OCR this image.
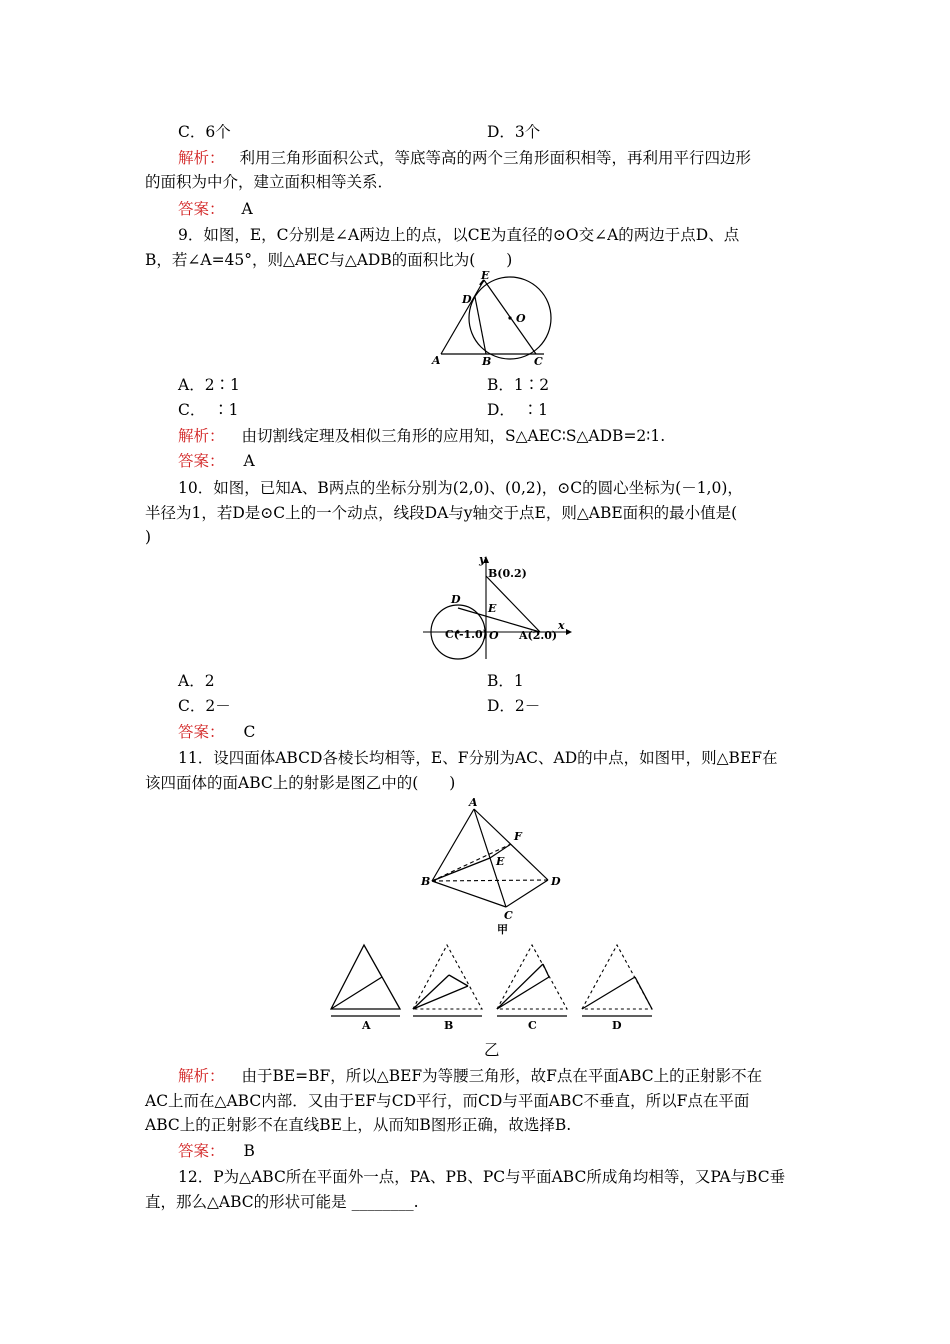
C．6个	D．3个
解析： 利用三角形面积公式，等底等高的两个三角形面积相等，再利用平行四边形
的面积为中介，建立面积相等关系．
答案： A
9．如图，E，C分别是∠A两边上的点，以CE为直径的⊙O交∠A的两边于点D、点
B，若∠A=45°，则△AEC与△ADB的面积比为(　　)
E
D
O
A	B	C
A．2∶1	B．1∶2
C．　∶1	D．　∶1
解析： 由切割线定理及相似三角形的应用知，S△AEC∶S△ADB=2∶1.
答案： A
10．如图，已知A、B两点的坐标分别为(2,0)、(0,2)，⊙C的圆心坐标为(－1,0)，
半径为1，若D是⊙C上的一个动点，线段DA与y轴交于点E，则△ABE面积的最小值是(
)
y
B(0.2)
D
E
C(-1.0) O A(2.0)
x
A．2	B．1
C．2－	D．2－
答案： C
11．设四面体ABCD各棱长均相等，E、F分别为AC、AD的中点，如图甲，则△BEF在
该四面体的面ABC上的射影是图乙中的(　　)
A
F
E
B	D
C
甲
A	B	C	D
乙
解析： 由于BE=BF，所以△BEF为等腰三角形，故F点在平面ABC上的正射影不在
AC上而在△ABC内部．又由于EF与CD平行，而CD与平面ABC不垂直，所以F点在平面
ABC上的正射影不在直线BE上，从而知B图形正确，故选择B.
答案： B
12．P为△ABC所在平面外一点，PA、PB、PC与平面ABC所成角均相等，又PA与BC垂
直，那么△ABC的形状可能是 ________.
